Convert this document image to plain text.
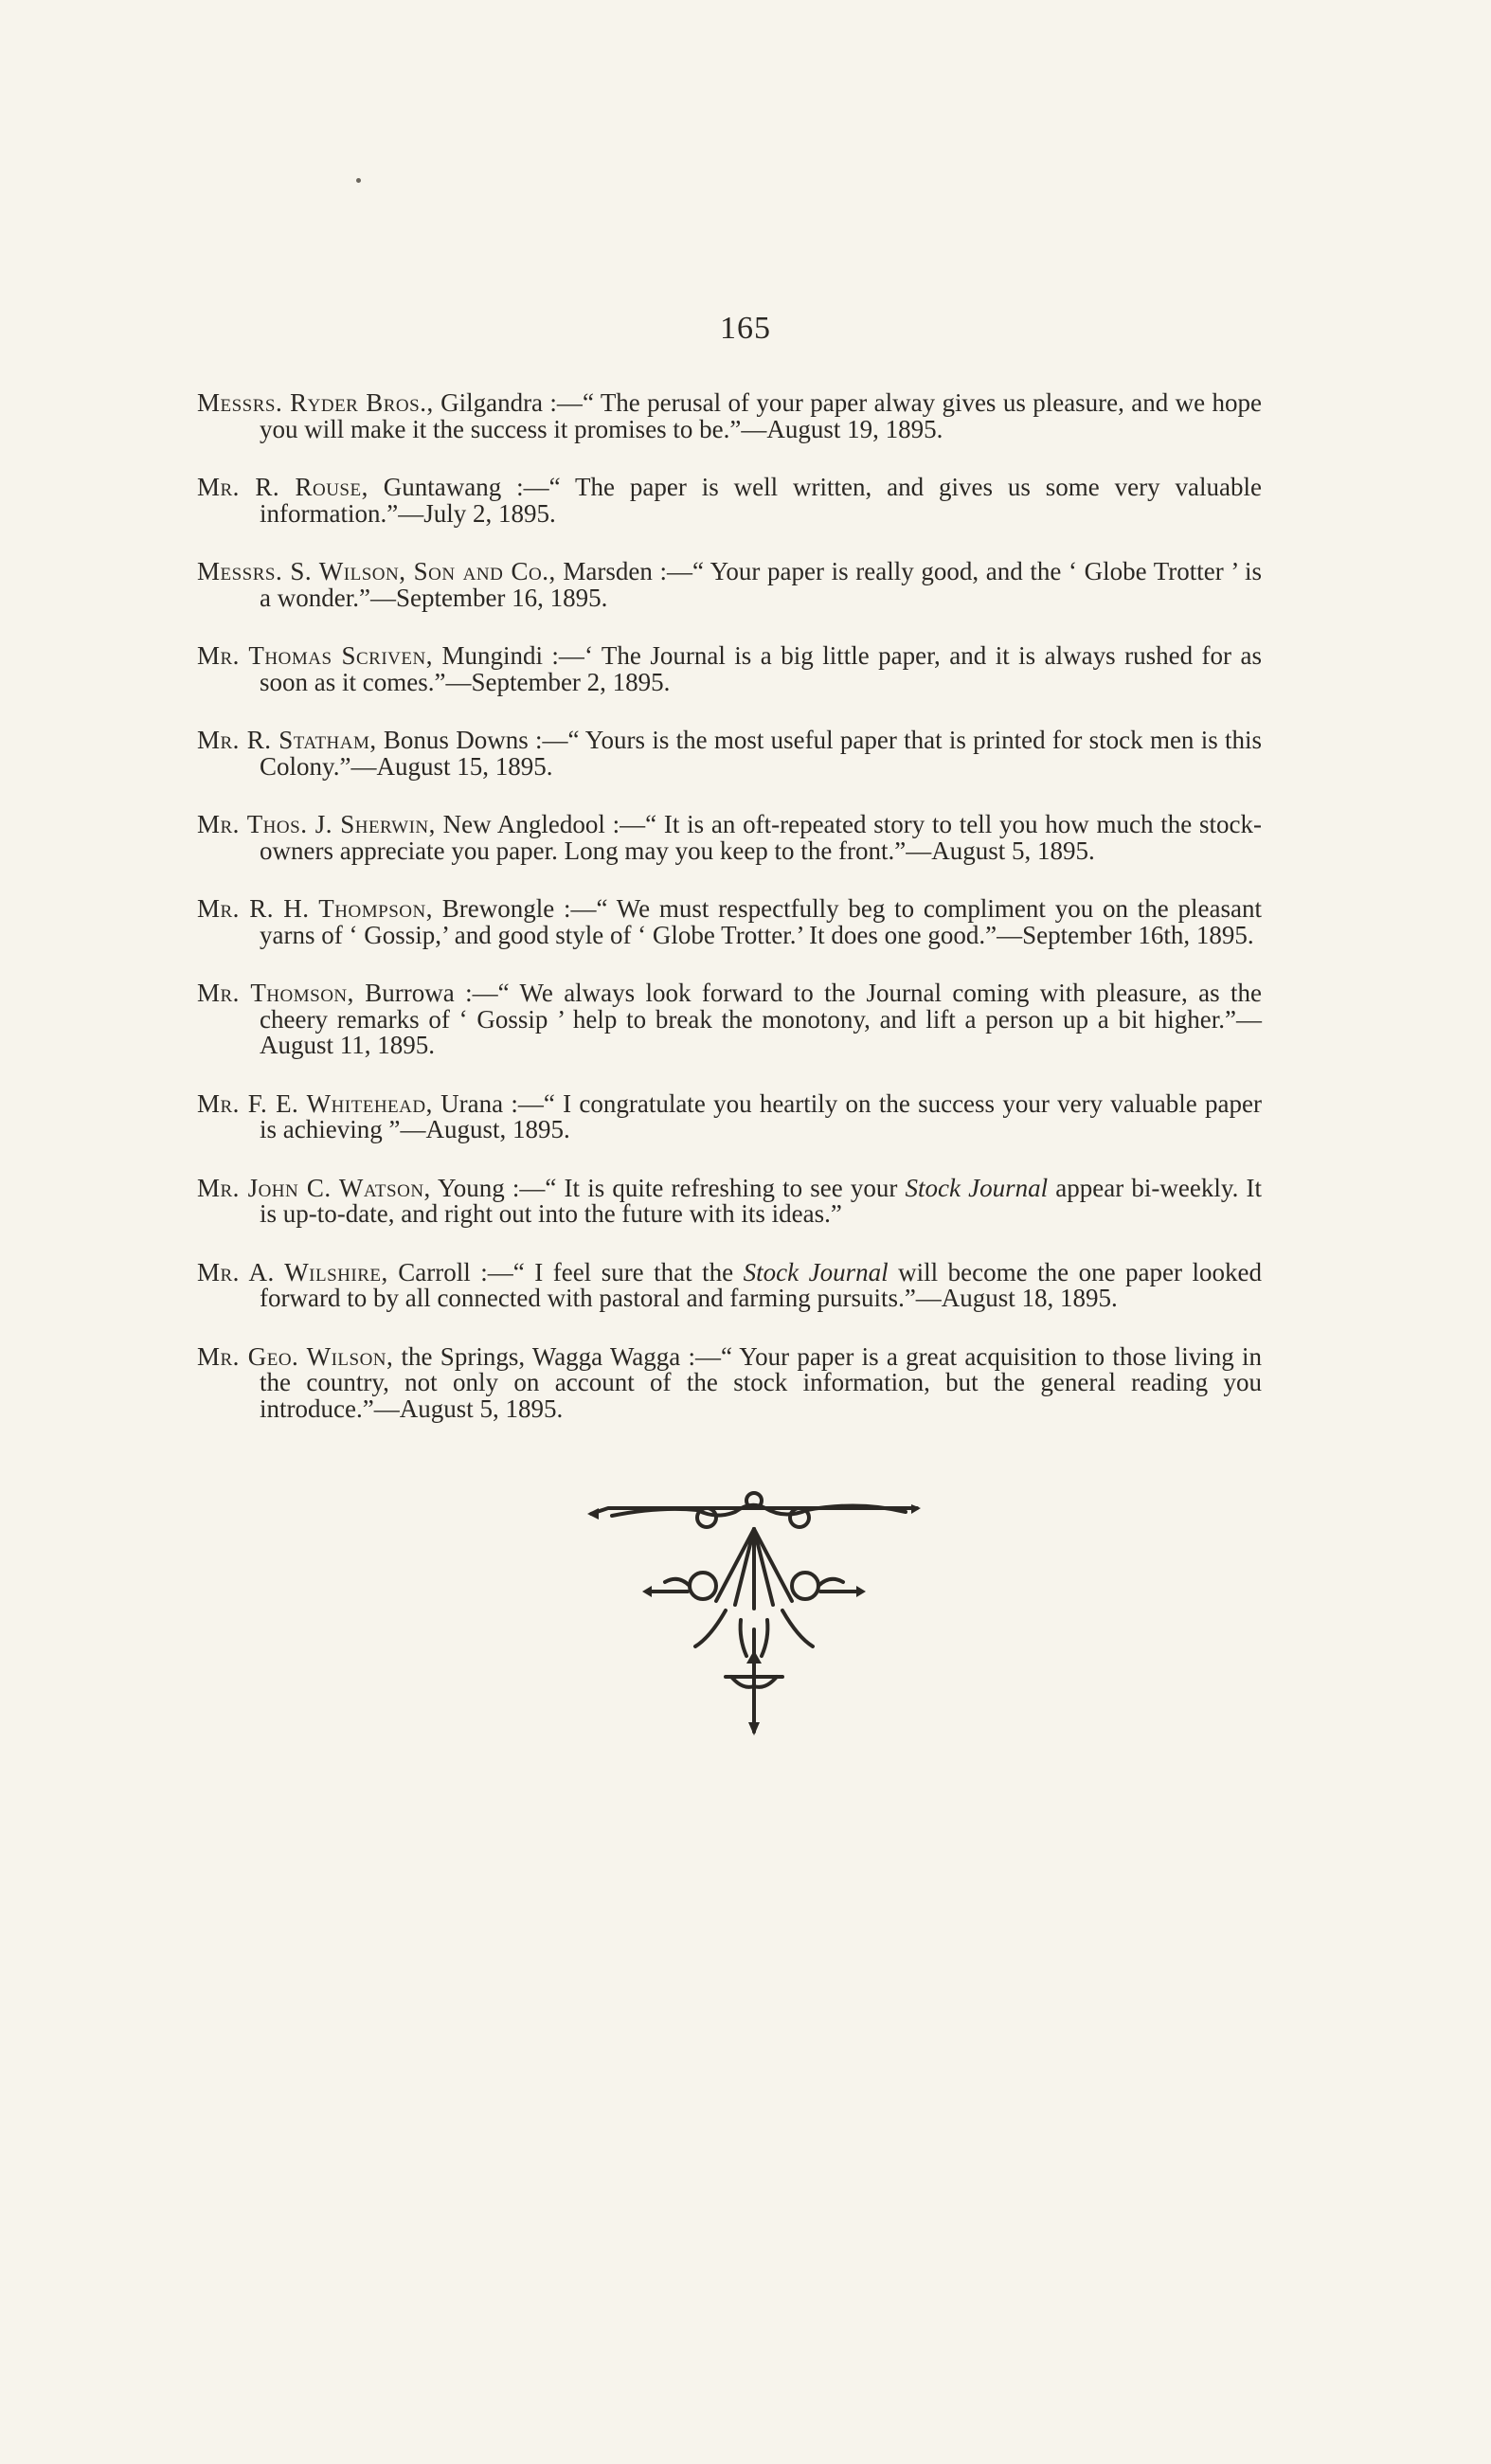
165

Messrs. Ryder Bros., Gilgandra :—“ The perusal of your paper alway gives us pleasure, and we hope you will make it the success it promises to be.”—August 19, 1895.

Mr. R. Rouse, Guntawang :—“ The paper is well written, and gives us some very valuable information.”—July 2, 1895.

Messrs. S. Wilson, Son and Co., Marsden :—“ Your paper is really good, and the ‘ Globe Trotter ’ is a wonder.”—September 16, 1895.

Mr. Thomas Scriven, Mungindi :—‘ The Journal is a big little paper, and it is always rushed for as soon as it comes.”—September 2, 1895.

Mr. R. Statham, Bonus Downs :—“ Yours is the most useful paper that is printed for stock men is this Colony.”—August 15, 1895.

Mr. Thos. J. Sherwin, New Angledool :—“ It is an oft-repeated story to tell you how much the stock-owners appreciate you paper. Long may you keep to the front.”—August 5, 1895.

Mr. R. H. Thompson, Brewongle :—“ We must respectfully beg to compliment you on the pleasant yarns of ‘ Gossip,’ and good style of ‘ Globe Trotter.’ It does one good.”—September 16th, 1895.

Mr. Thomson, Burrowa :—“ We always look forward to the Journal coming with pleasure, as the cheery remarks of ‘ Gossip ’ help to break the monotony, and lift a person up a bit higher.”—August 11, 1895.

Mr. F. E. Whitehead, Urana :—“ I congratulate you heartily on the success your very valuable paper is achieving ”—August, 1895.

Mr. John C. Watson, Young :—“ It is quite refreshing to see your Stock Journal appear bi-weekly. It is up-to-date, and right out into the future with its ideas.”

Mr. A. Wilshire, Carroll :—“ I feel sure that the Stock Journal will become the one paper looked forward to by all connected with pastoral and farming pursuits.”—August 18, 1895.

Mr. Geo. Wilson, the Springs, Wagga Wagga :—“ Your paper is a great acquisition to those living in the country, not only on account of the stock information, but the general reading you introduce.”—August 5, 1895.
